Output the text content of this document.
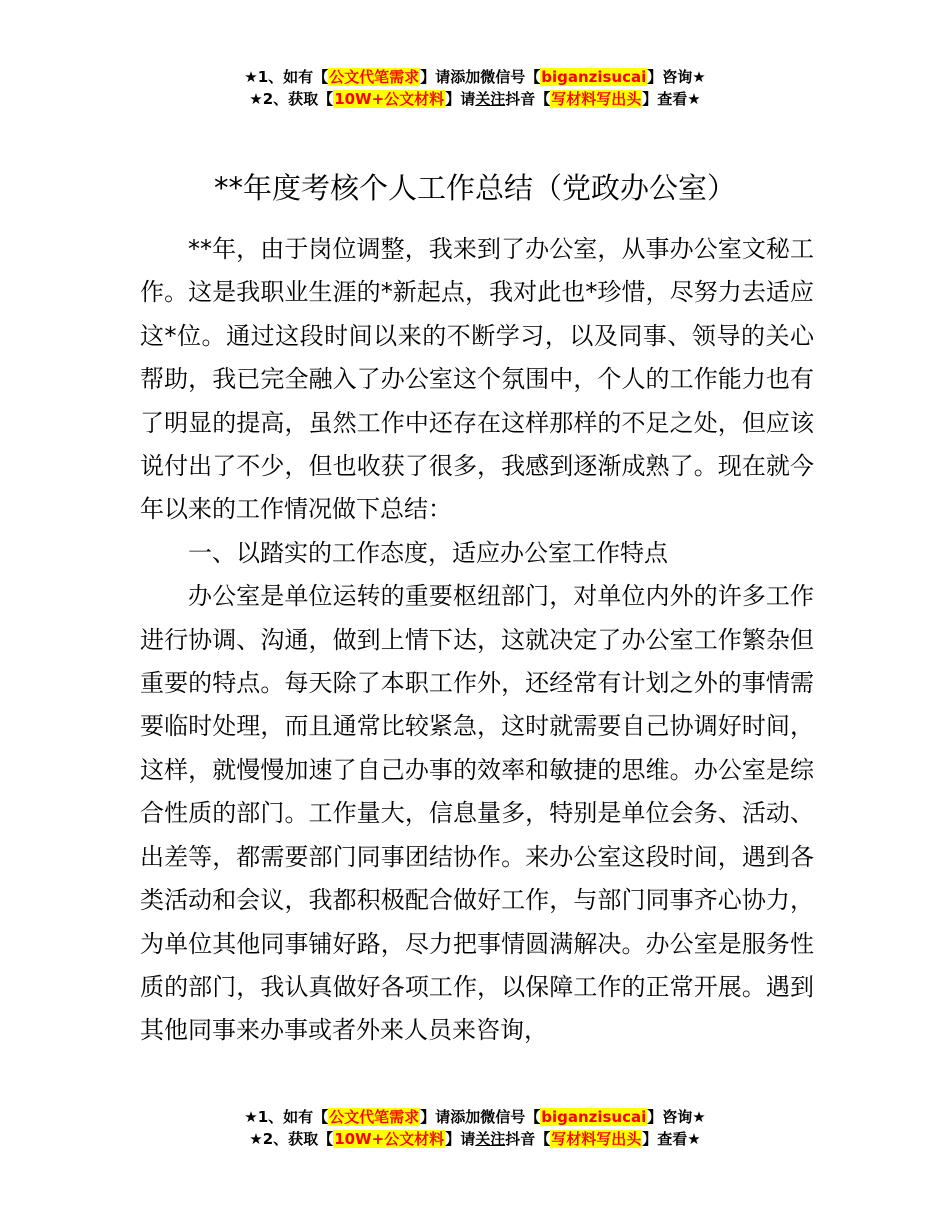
★1、如有【公文代笔需求】请添加微信号【biganzisucai】咨询★
★2、获取【10W+公文材料】请关注抖音【写材料写出头】查看★
**年度考核个人工作总结（党政办公室）

**年，由于岗位调整，我来到了办公室，从事办公室文秘工作。这是我职业生涯的*新起点，我对此也*珍惜，尽努力去适应这*位。通过这段时间以来的不断学习，以及同事、领导的关心帮助，我已完全融入了办公室这个氛围中，个人的工作能力也有了明显的提高，虽然工作中还存在这样那样的不足之处，但应该说付出了不少，但也收获了很多，我感到逐渐成熟了。现在就今年以来的工作情况做下总结：

一、以踏实的工作态度，适应办公室工作特点

办公室是单位运转的重要枢纽部门，对单位内外的许多工作进行协调、沟通，做到上情下达，这就决定了办公室工作繁杂但重要的特点。每天除了本职工作外，还经常有计划之外的事情需要临时处理，而且通常比较紧急，这时就需要自己协调好时间，这样，就慢慢加速了自己办事的效率和敏捷的思维。办公室是综合性质的部门。工作量大，信息量多，特别是单位会务、活动、出差等，都需要部门同事团结协作。来办公室这段时间，遇到各类活动和会议，我都积极配合做好工作，与部门同事齐心协力，为单位其他同事铺好路，尽力把事情圆满解决。办公室是服务性质的部门，我认真做好各项工作，以保障工作的正常开展。遇到其他同事来办事或者外来人员来咨询，

★1、如有【公文代笔需求】请添加微信号【biganzisucai】咨询★
★2、获取【10W+公文材料】请关注抖音【写材料写出头】查看★
